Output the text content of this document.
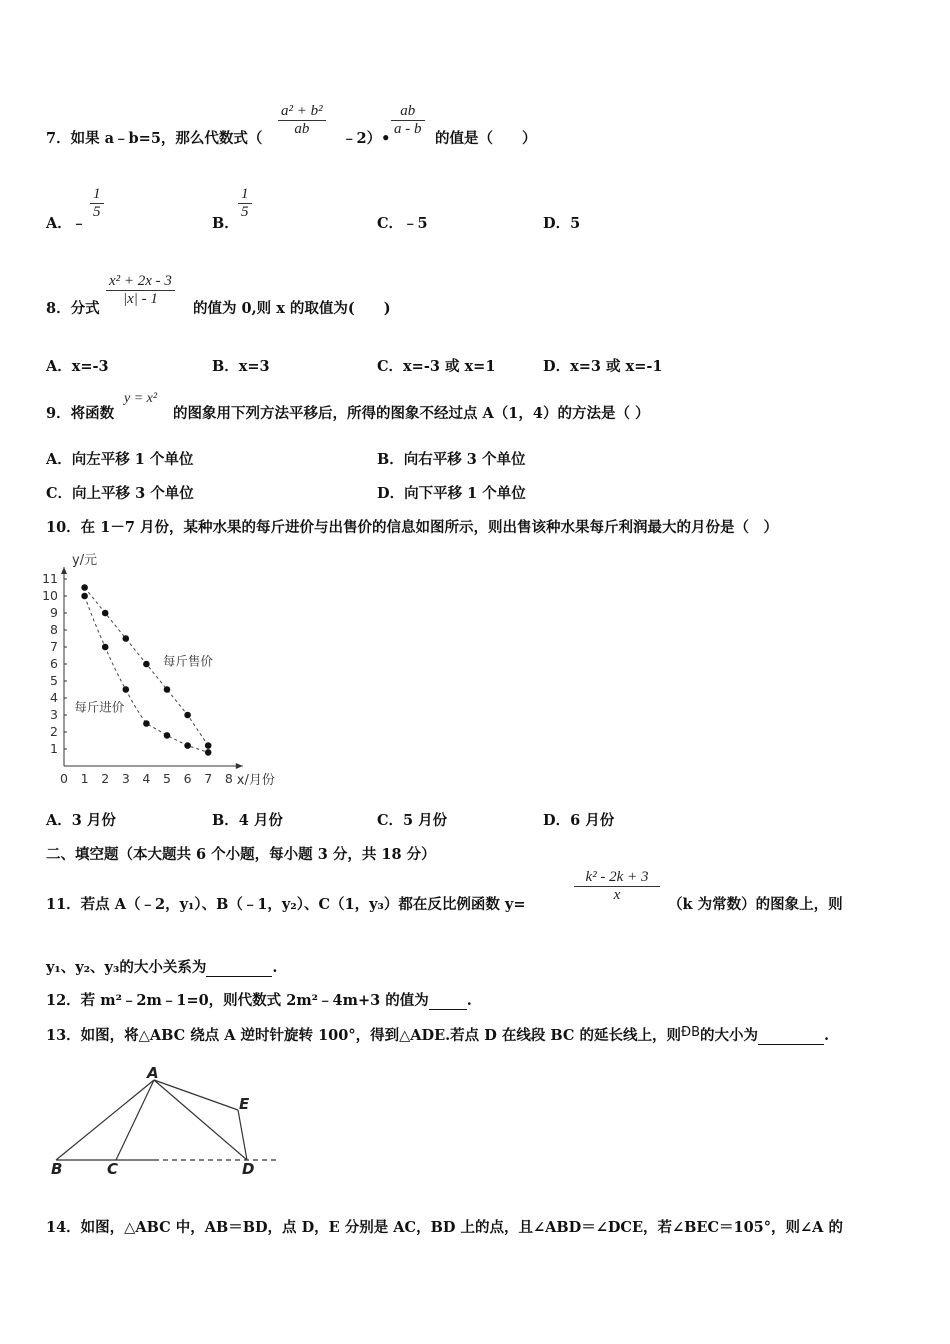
7．如果 a﹣b=5，那么代数式（
$\frac{\text{a² + b²}}{ab}$
﹣2）•
$\frac{ab}{a - b}$
的值是（　　）
A．﹣
$\frac{1}{5}$
B．
$\frac{1}{5}$
C．﹣5	D．5
8．分式
$\frac{\text{x² + 2x - 3}}{|x| - 1}$
的值为 0,则 x 的取值为(　　)
A．x=-3	B．x=3	C．x=-3 或 x=1	D．x=3 或 x=-1
9．将函数
y = x²
的图象用下列方法平移后，所得的图象不经过点 A（1，4）的方法是（ ）
A．向左平移 1 个单位	B．向右平移 3 个单位
C．向上平移 3 个单位	D．向下平移 1 个单位
10．在 1－7 月份，某种水果的每斤进价与出售价的信息如图所示，则出售该种水果每斤利润最大的月份是（　）
0 1 2 3 4 5 6 7 8
1
2
3
4
5
6
7
8
9
10
11
y/元
x/月份
每斤售价
每斤进价
A．3 月份	B．4 月份	C．5 月份	D．6 月份
二、填空题（本大题共 6 个小题，每小题 3 分，共 18 分）
11．若点 A（﹣2，y₁）、B（﹣1，y₂）、C（1，y₃）都在反比例函数 y=
$\frac{\text{k² - 2k + 3}}{x}$
（k 为常数）的图象上，则
y₁、y₂、y₃的大小关系为	.
12．若 m²﹣2m﹣1=0，则代数式 2m²﹣4m+3 的值为	.
13．如图，将△ABC 绕点 A 逆时针旋转 100°，得到△ADE.若点 D 在线段 BC 的延长线上，则ÐB的大小为	.
A
B	C	D
E
14．如图，△ABC 中，AB＝BD，点 D，E 分别是 AC，BD 上的点，且∠ABD＝∠DCE，若∠BEC＝105°，则∠A 的
